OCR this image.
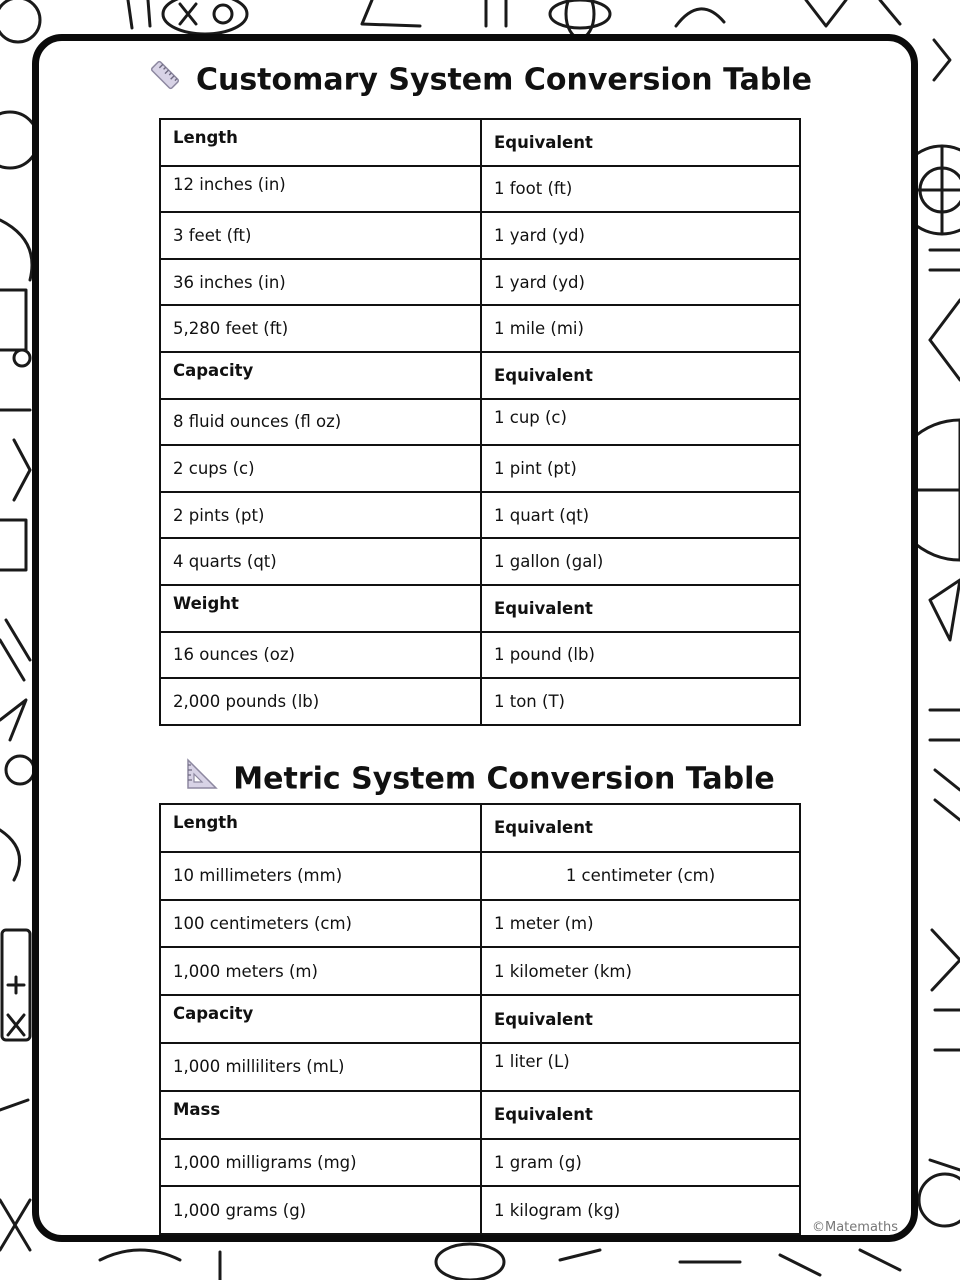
Customary System Conversion Table
Length	Equivalent
12 inches (in)	1 foot (ft)
3 feet (ft)	1 yard (yd)
36 inches (in)	1 yard (yd)
5,280 feet (ft)	1 mile (mi)
Capacity	Equivalent
8 fluid ounces (fl oz)	1 cup (c)
2 cups (c)	1 pint (pt)
2 pints (pt)	1 quart (qt)
4 quarts (qt)	1 gallon (gal)
Weight	Equivalent
16 ounces (oz)	1 pound (lb)
2,000 pounds (lb)	1 ton (T)
Metric System Conversion Table
Length	Equivalent
10 millimeters (mm)	1 centimeter (cm)
100 centimeters (cm)	1 meter (m)
1,000 meters (m)	1 kilometer (km)
Capacity	Equivalent
1,000 milliliters (mL)	1 liter (L)
Mass	Equivalent
1,000 milligrams (mg)	1 gram (g)
1,000 grams (g)	1 kilogram (kg)
©Matemaths
